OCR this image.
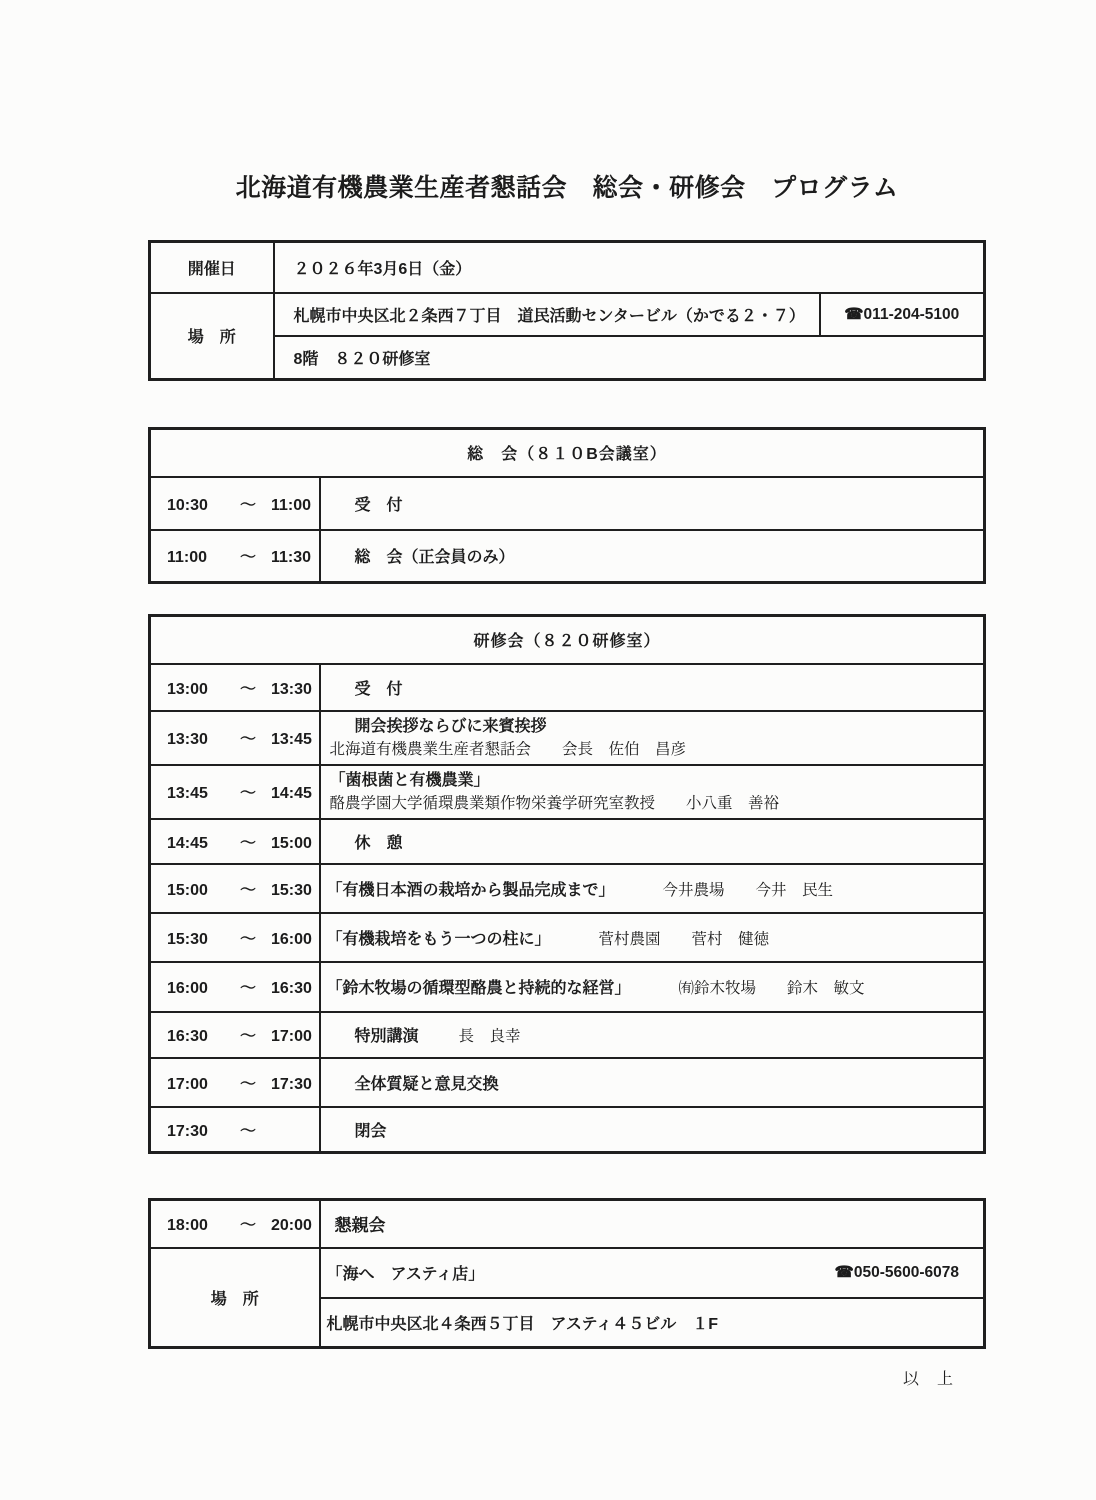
北海道有機農業生産者懇話会　総会・研修会　プログラム
開催日	２０２６年3月6日（金）	
場　所	札幌市中央区北２条西７丁目　道民活動センタービル（かでる２・７）	☎011-204-5100
	8階　８２０研修室	
総　会（８１０B会議室）	
10:30 ～ 11:00	受　付
11:00 ～ 11:30	総　会（正会員のみ）
研修会（８２０研修室）	
13:00 ～ 13:30	受　付
13:30 ～ 13:45	開会挨拶ならびに来賓挨拶
北海道有機農業生産者懇話会　　会長　佐伯　昌彦

13:45 ～ 14:45	「菌根菌と有機農業」
酪農学園大学循環農業類作物栄養学研究室教授　　小八重　善裕

14:45 ～ 15:00	休　憩
15:00 ～ 15:30	「有機日本酒の栽培から製品完成まで」 今井農場　　今井　民生
15:30 ～ 16:00	「有機栽培をもう一つの柱に」 菅村農園　　菅村　健徳
16:00 ～ 16:30	「鈴木牧場の循環型酪農と持続的な経営」 ㈲鈴木牧場　　鈴木　敏文
16:30 ～ 17:00	特別講演 長　良幸
17:00 ～ 17:30	全体質疑と意見交換
17:30 ～	閉会
18:00 ～ 20:00	懇親会
場　所	「海へ　アスティ店」 ☎050-5600-6078

	札幌市中央区北４条西５丁目　アスティ４５ビル　１F
以　上
